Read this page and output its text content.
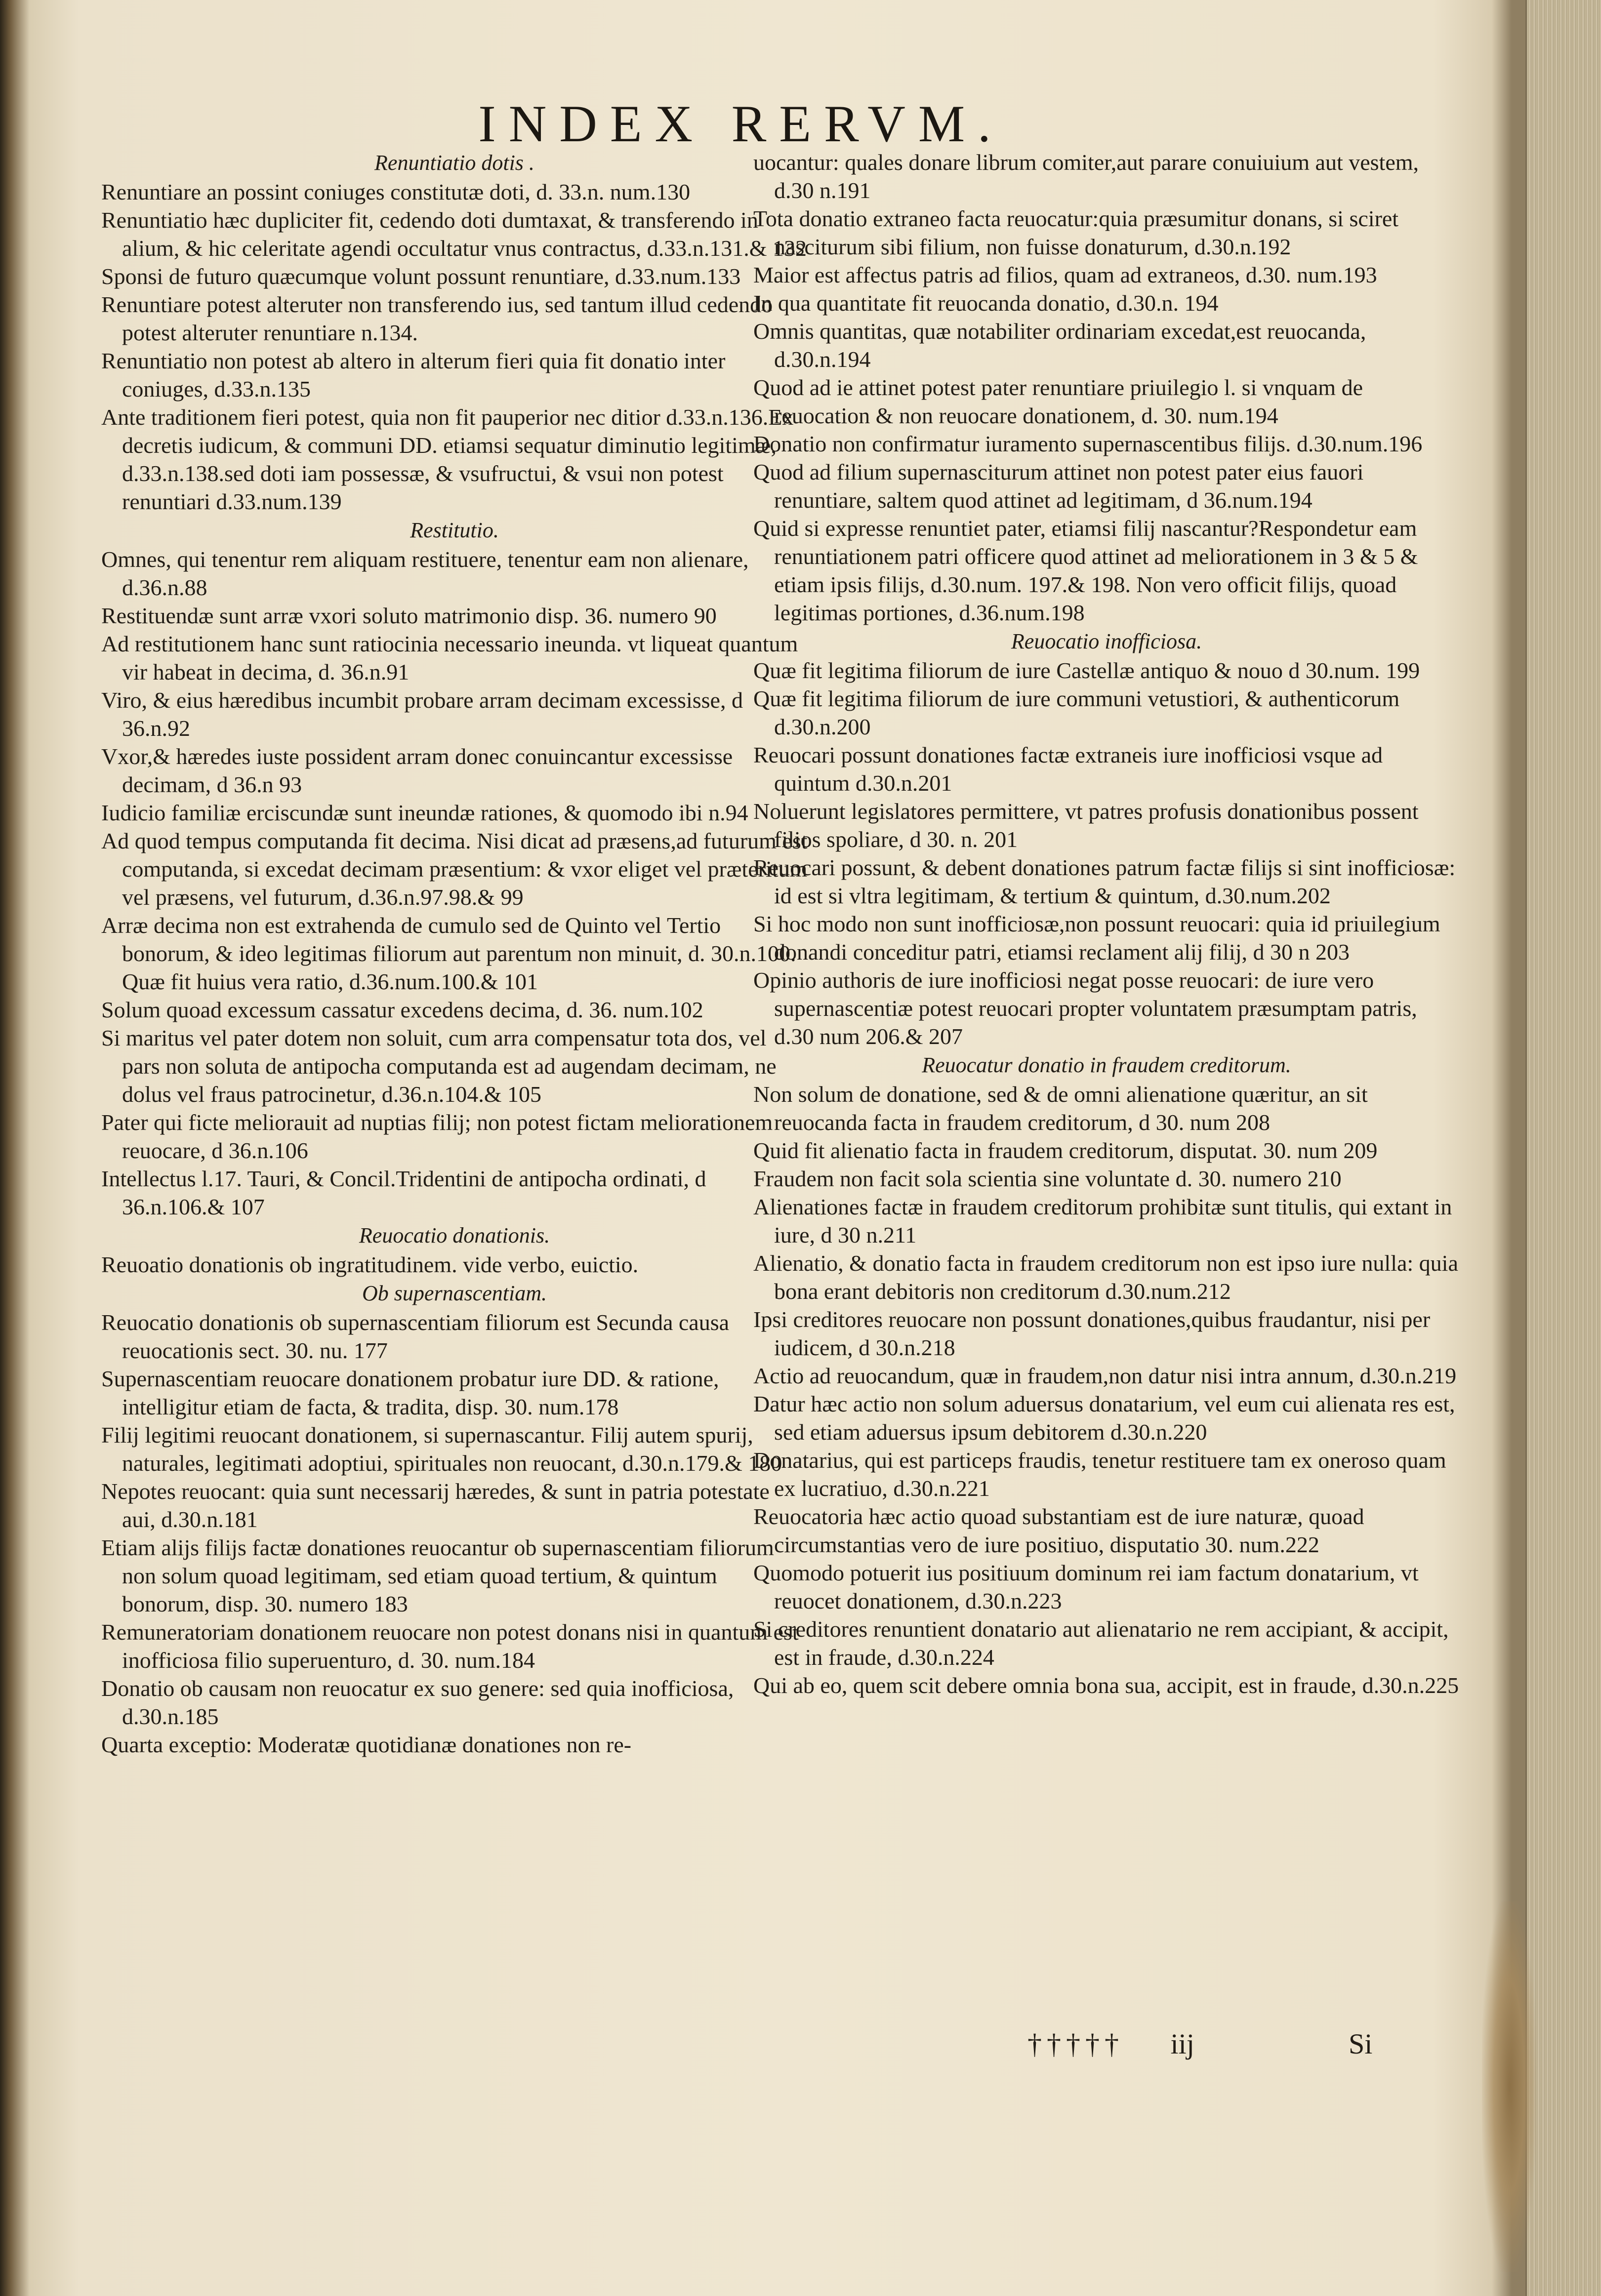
INDEX RERVM.

Renuntiatio dotis .

Renuntiare an possint coniuges constitutæ doti, d. 33.n. num.130

Renuntiatio hæc dupliciter fit, cedendo doti dumtaxat, & transferendo in alium, & hic celeritate agendi occultatur vnus contractus, d.33.n.131.& 132

Sponsi de futuro quæcumque volunt possunt renuntiare, d.33.num.133

Renuntiare potest alteruter non transferendo ius, sed tantum illud cedendo potest alteruter renuntiare n.134.

Renuntiatio non potest ab altero in alterum fieri quia fit donatio inter coniuges, d.33.n.135

Ante traditionem fieri potest, quia non fit pauperior nec ditior d.33.n.136.Ex decretis iudicum, & communi DD. etiamsi sequatur diminutio legitimæ, d.33.n.138.sed doti iam possessæ, & vsufructui, & vsui non potest renuntiari d.33.num.139

Restitutio.

Omnes, qui tenentur rem aliquam restituere, tenentur eam non alienare, d.36.n.88

Restituendæ sunt arræ vxori soluto matrimonio disp. 36. numero 90

Ad restitutionem hanc sunt ratiocinia necessario ineunda. vt liqueat quantum vir habeat in decima, d. 36.n.91

Viro, & eius hæredibus incumbit probare arram decimam excessisse, d 36.n.92

Vxor,& hæredes iuste possident arram donec conuincantur excessisse decimam, d 36.n 93

Iudicio familiæ erciscundæ sunt ineundæ rationes, & quomodo ibi n.94

Ad quod tempus computanda fit decima. Nisi dicat ad præsens,ad futurum est computanda, si excedat decimam præsentium: & vxor eliget vel præteritum vel præsens, vel futurum, d.36.n.97.98.& 99

Arræ decima non est extrahenda de cumulo sed de Quinto vel Tertio bonorum, & ideo legitimas filiorum aut parentum non minuit, d. 30.n.100. Quæ fit huius vera ratio, d.36.num.100.& 101

Solum quoad excessum cassatur excedens decima, d. 36. num.102

Si maritus vel pater dotem non soluit, cum arra compensatur tota dos, vel pars non soluta de antipocha computanda est ad augendam decimam, ne dolus vel fraus patrocinetur, d.36.n.104.& 105

Pater qui ficte meliorauit ad nuptias filij; non potest fictam meliorationem reuocare, d 36.n.106

Intellectus l.17. Tauri, & Concil.Tridentini de antipocha ordinati, d 36.n.106.& 107

Reuocatio donationis.

Reuoatio donationis ob ingratitudinem. vide verbo, euictio.

Ob supernascentiam.

Reuocatio donationis ob supernascentiam filiorum est Secunda causa reuocationis sect. 30. nu. 177

Supernascentiam reuocare donationem probatur iure DD. & ratione, intelligitur etiam de facta, & tradita, disp. 30. num.178

Filij legitimi reuocant donationem, si supernascantur. Filij autem spurij, naturales, legitimati adoptiui, spirituales non reuocant, d.30.n.179.& 180

Nepotes reuocant: quia sunt necessarij hæredes, & sunt in patria potestate aui, d.30.n.181

Etiam alijs filijs factæ donationes reuocantur ob supernascentiam filiorum non solum quoad legitimam, sed etiam quoad tertium, & quintum bonorum, disp. 30. numero 183

Remuneratoriam donationem reuocare non potest donans nisi in quantum est inofficiosa filio superuenturo, d. 30. num.184

Donatio ob causam non reuocatur ex suo genere: sed quia inofficiosa, d.30.n.185

Quarta exceptio: Moderatæ quotidianæ donationes non re-

uocantur: quales donare librum comiter,aut parare conuiuium aut vestem, d.30 n.191

Tota donatio extraneo facta reuocatur:quia præsumitur donans, si sciret nasciturum sibi filium, non fuisse donaturum, d.30.n.192

Maior est affectus patris ad filios, quam ad extraneos, d.30. num.193

In qua quantitate fit reuocanda donatio, d.30.n. 194

Omnis quantitas, quæ notabiliter ordinariam excedat,est reuocanda, d.30.n.194

Quod ad ie attinet potest pater renuntiare priuilegio l. si vnquam de reuocation & non reuocare donationem, d. 30. num.194

Donatio non confirmatur iuramento supernascentibus filijs. d.30.num.196

Quod ad filium supernasciturum attinet non potest pater eius fauori renuntiare, saltem quod attinet ad legitimam, d 36.num.194

Quid si expresse renuntiet pater, etiamsi filij nascantur?Respondetur eam renuntiationem patri officere quod attinet ad meliorationem in 3 & 5 & etiam ipsis filijs, d.30.num. 197.& 198. Non vero officit filijs, quoad legitimas portiones, d.36.num.198

Reuocatio inofficiosa.

Quæ fit legitima filiorum de iure Castellæ antiquo & nouo d 30.num. 199

Quæ fit legitima filiorum de iure communi vetustiori, & authenticorum d.30.n.200

Reuocari possunt donationes factæ extraneis iure inofficiosi vsque ad quintum d.30.n.201

Noluerunt legislatores permittere, vt patres profusis donationibus possent filios spoliare, d 30. n. 201

Reuocari possunt, & debent donationes patrum factæ filijs si sint inofficiosæ: id est si vltra legitimam, & tertium & quintum, d.30.num.202

Si hoc modo non sunt inofficiosæ,non possunt reuocari: quia id priuilegium donandi conceditur patri, etiamsi reclament alij filij, d 30 n 203

Opinio authoris de iure inofficiosi negat posse reuocari: de iure vero supernascentiæ potest reuocari propter voluntatem præsumptam patris, d.30 num 206.& 207

Reuocatur donatio in fraudem creditorum.

Non solum de donatione, sed & de omni alienatione quæritur, an sit reuocanda facta in fraudem creditorum, d 30. num 208

Quid fit alienatio facta in fraudem creditorum, disputat. 30. num 209

Fraudem non facit sola scientia sine voluntate d. 30. numero 210

Alienationes factæ in fraudem creditorum prohibitæ sunt titulis, qui extant in iure, d 30 n.211

Alienatio, & donatio facta in fraudem creditorum non est ipso iure nulla: quia bona erant debitoris non creditorum d.30.num.212

Ipsi creditores reuocare non possunt donationes,quibus fraudantur, nisi per iudicem, d 30.n.218

Actio ad reuocandum, quæ in fraudem,non datur nisi intra annum, d.30.n.219

Datur hæc actio non solum aduersus donatarium, vel eum cui alienata res est, sed etiam aduersus ipsum debitorem d.30.n.220

Donatarius, qui est particeps fraudis, tenetur restituere tam ex oneroso quam ex lucratiuo, d.30.n.221

Reuocatoria hæc actio quoad substantiam est de iure naturæ, quoad circumstantias vero de iure positiuo, disputatio 30. num.222

Quomodo potuerit ius positiuum dominum rei iam factum donatarium, vt reuocet donationem, d.30.n.223

Si creditores renuntient donatario aut alienatario ne rem accipiant, & accipit, est in fraude, d.30.n.224

Qui ab eo, quem scit debere omnia bona sua, accipit, est in fraude, d.30.n.225

††††† iij	Si
